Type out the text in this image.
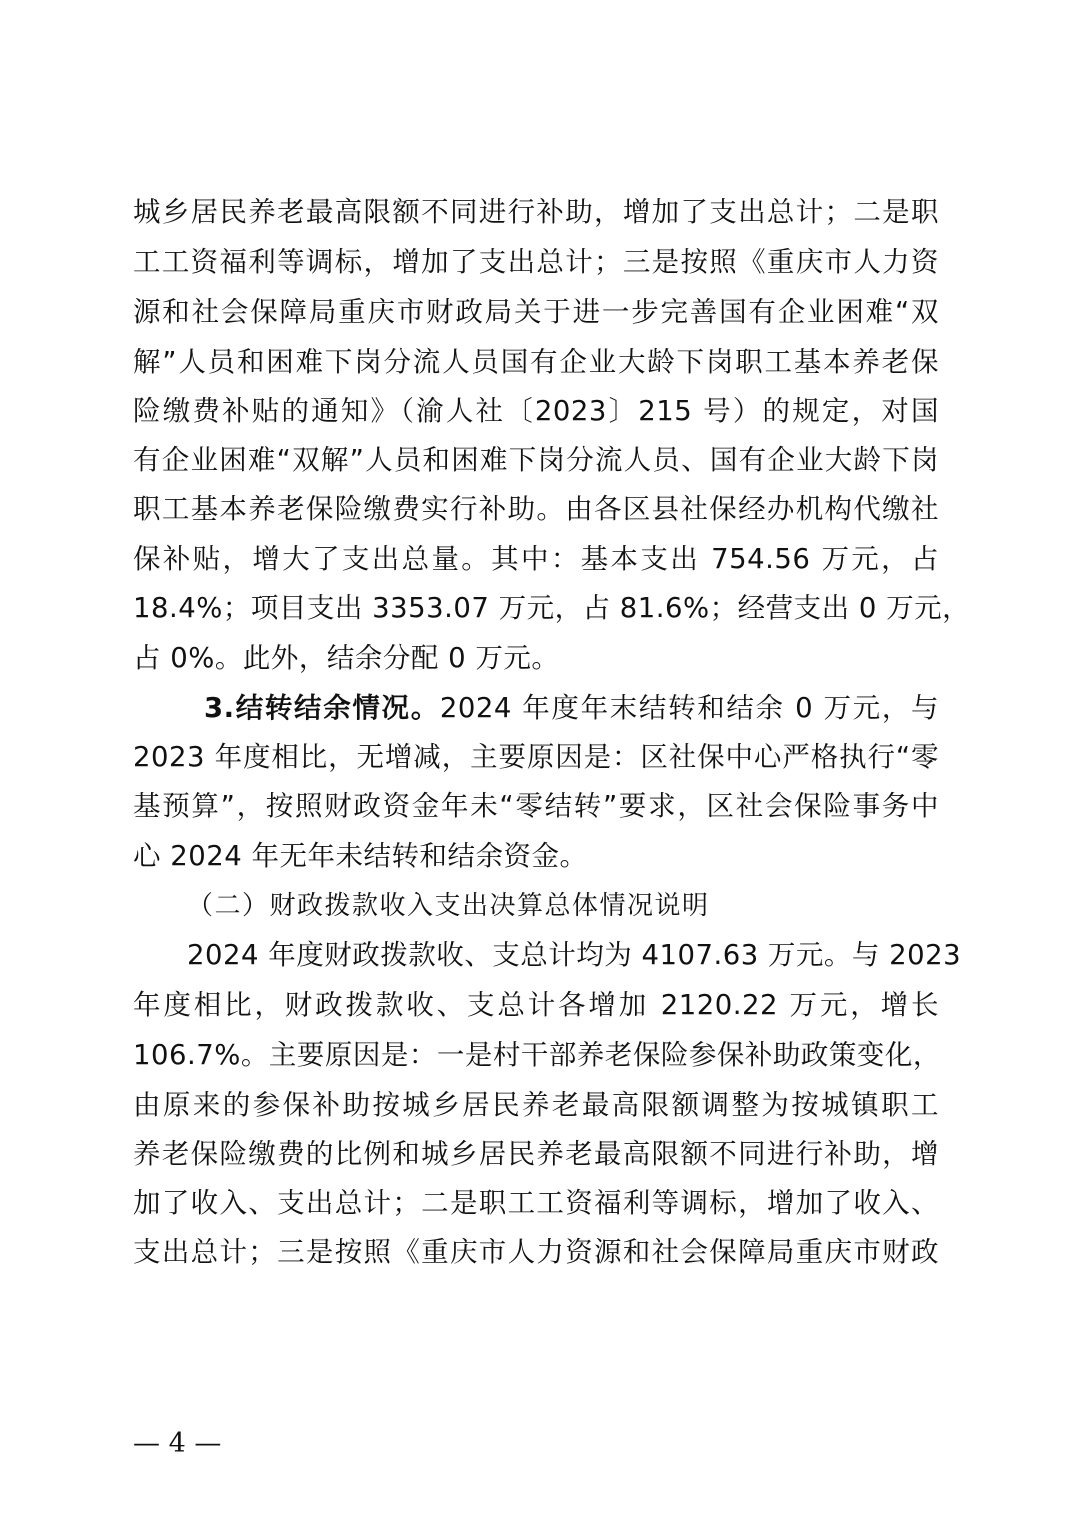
城乡居民养老最高限额不同进行补助，增加了支出总计；二是职
工工资福利等调标，增加了支出总计；三是按照《重庆市人力资
源和社会保障局重庆市财政局关于进一步完善国有企业困难“双
解”人员和困难下岗分流人员国有企业大龄下岗职工基本养老保
险缴费补贴的通知》（渝人社〔2023〕215 号）的规定，对国
有企业困难“双解”人员和困难下岗分流人员、国有企业大龄下岗
职工基本养老保险缴费实行补助。由各区县社保经办机构代缴社
保补贴，增大了支出总量。其中：基本支出 754.56 万元，占
18.4%；项目支出 3353.07 万元，占 81.6%；经营支出 0 万元，
占 0%。此外，结余分配 0 万元。
3.结转结余情况。2024 年度年末结转和结余 0 万元，与
2023 年度相比，无增减，主要原因是：区社保中心严格执行“零
基预算”，按照财政资金年未“零结转”要求，区社会保险事务中
心 2024 年无年未结转和结余资金。
（二）财政拨款收入支出决算总体情况说明
2024 年度财政拨款收、支总计均为 4107.63 万元。与 2023
年度相比，财政拨款收、支总计各增加 2120.22 万元，增长
106.7%。主要原因是：一是村干部养老保险参保补助政策变化，
由原来的参保补助按城乡居民养老最高限额调整为按城镇职工
养老保险缴费的比例和城乡居民养老最高限额不同进行补助，增
加了收入、支出总计；二是职工工资福利等调标，增加了收入、
支出总计；三是按照《重庆市人力资源和社会保障局重庆市财政
— 4 —
